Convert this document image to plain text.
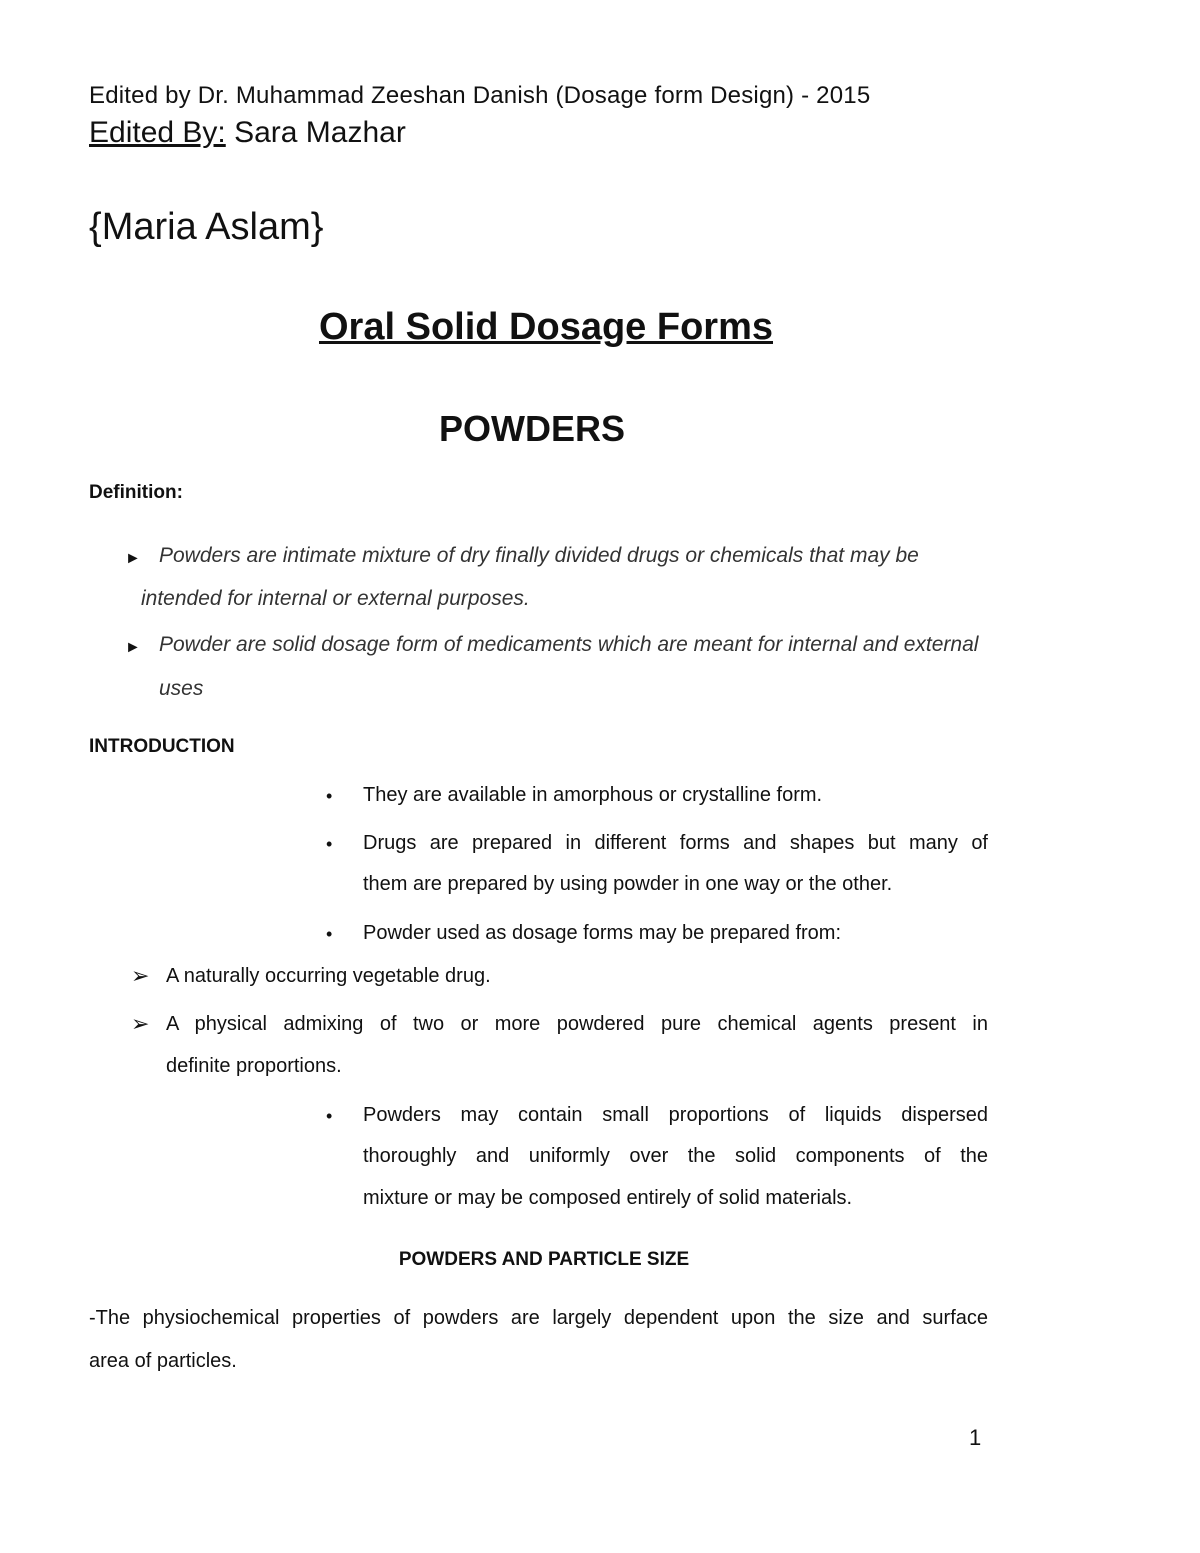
Edited by Dr. Muhammad Zeeshan Danish (Dosage form Design) - 2015
Edited By: Sara Mazhar
{Maria Aslam}
Oral Solid Dosage Forms
POWDERS
Definition:
► Powders are intimate mixture of dry finally divided drugs or chemicals that may be
intended for internal or external purposes.
► Powder are solid dosage form of medicaments which are meant for internal and external
uses
INTRODUCTION
• They are available in amorphous or crystalline form.
• Drugs are prepared in different forms and shapes but many of
them are prepared by using powder in one way or the other.
• Powder used as dosage forms may be prepared from:
➢ A naturally occurring vegetable drug.
➢ A physical admixing of two or more powdered pure chemical agents present in
definite proportions.
• Powders may contain small proportions of liquids dispersed
thoroughly and uniformly over the solid components of the
mixture or may be composed entirely of solid materials.
POWDERS AND PARTICLE SIZE
-The physiochemical properties of powders are largely dependent upon the size and surface
area of particles.
1
